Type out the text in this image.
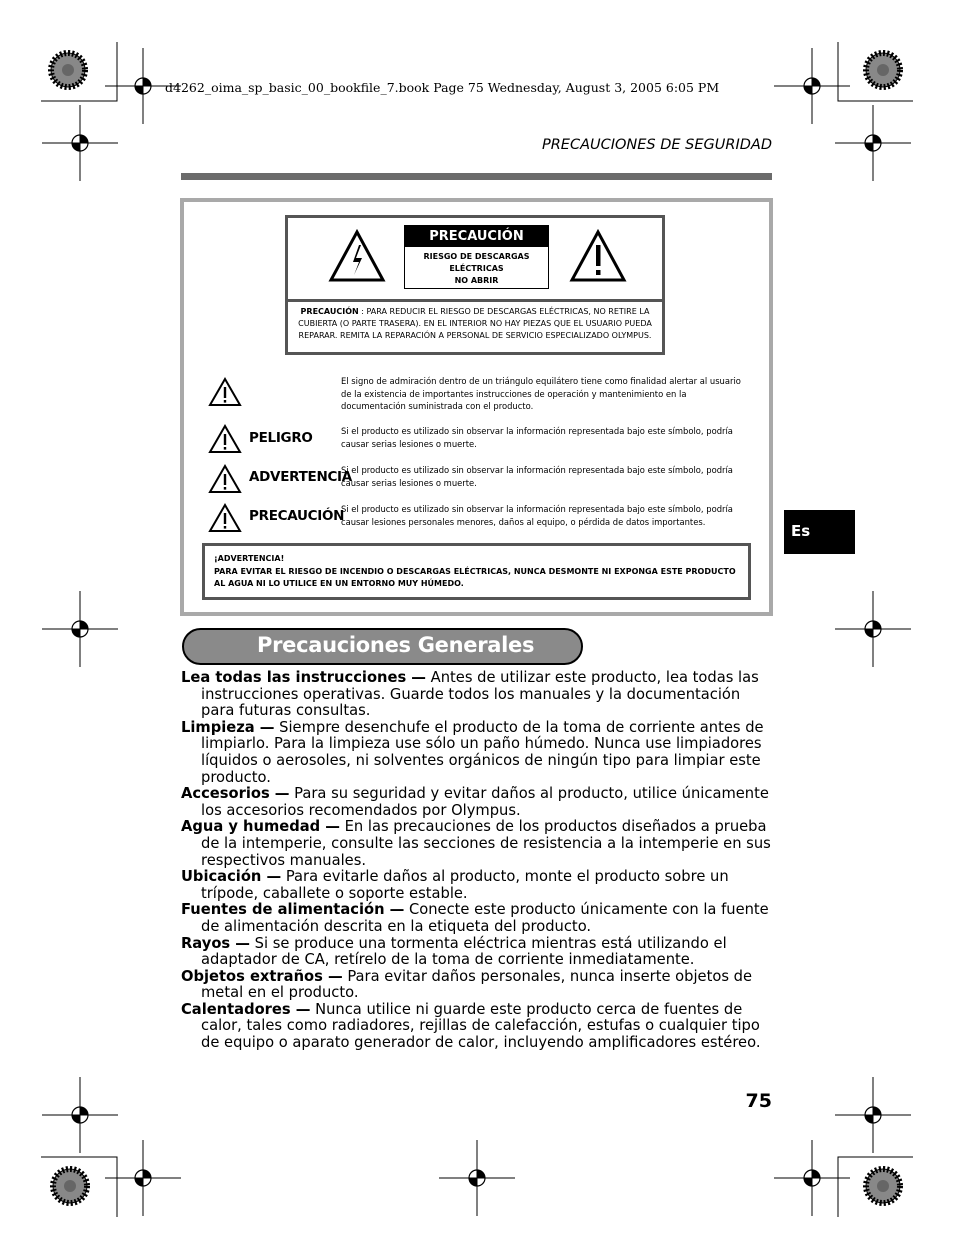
d4262_oima_sp_basic_00_bookfile_7.book Page 75 Wednesday, August 3, 2005 6:05 PM
PRECAUCIONES DE SEGURIDAD
PRECAUCIÓN
RIESGO DE DESCARGAS
ELÉCTRICAS
NO ABRIR
PRECAUCIÓN : PARA REDUCIR EL RIESGO DE DESCARGAS ELÉCTRICAS, NO RETIRE LA CUBIERTA (O PARTE TRASERA). EN EL INTERIOR NO HAY PIEZAS QUE EL USUARIO PUEDA REPARAR. REMITA LA REPARACIÓN A PERSONAL DE SERVICIO ESPECIALIZADO OLYMPUS.
El signo de admiración dentro de un triángulo equilátero tiene como finalidad alertar al usuario de la existencia de importantes instrucciones de operación y mantenimiento en la documentación suministrada con el producto.
PELIGRO	Si el producto es utilizado sin observar la información representada bajo este símbolo, podría causar serias lesiones o muerte.
ADVERTENCIA
Si el producto es utilizado sin observar la información representada bajo este símbolo, podría causar serias lesiones o muerte.
PRECAUCIÓN
Si el producto es utilizado sin observar la información representada bajo este símbolo, podría causar lesiones personales menores, daños al equipo, o pérdida de datos importantes.
¡ADVERTENCIA!
PARA EVITAR EL RIESGO DE INCENDIO O DESCARGAS ELÉCTRICAS, NUNCA DESMONTE NI EXPONGA ESTE PRODUCTO AL AGUA NI LO UTILICE EN UN ENTORNO MUY HÚMEDO.
Precauciones Generales

Lea todas las instrucciones — Antes de utilizar este producto, lea todas las instrucciones operativas. Guarde todos los manuales y la documentación para futuras consultas.

Limpieza — Siempre desenchufe el producto de la toma de corriente antes de limpiarlo. Para la limpieza use sólo un paño húmedo. Nunca use limpiadores líquidos o aerosoles, ni solventes orgánicos de ningún tipo para limpiar este producto.

Accesorios — Para su seguridad y evitar daños al producto, utilice únicamente los accesorios recomendados por Olympus.

Agua y humedad — En las precauciones de los productos diseñados a prueba de la intemperie, consulte las secciones de resistencia a la intemperie en sus respectivos manuales.

Ubicación — Para evitarle daños al producto, monte el producto sobre un trípode, caballete o soporte estable.

Fuentes de alimentación — Conecte este producto únicamente con la fuente de alimentación descrita en la etiqueta del producto.

Rayos — Si se produce una tormenta eléctrica mientras está utilizando el adaptador de CA, retírelo de la toma de corriente inmediatamente.

Objetos extraños — Para evitar daños personales, nunca inserte objetos de metal en el producto.

Calentadores — Nunca utilice ni guarde este producto cerca de fuentes de calor, tales como radiadores, rejillas de calefacción, estufas o cualquier tipo de equipo o aparato generador de calor, incluyendo amplificadores estéreo.

Es
75
